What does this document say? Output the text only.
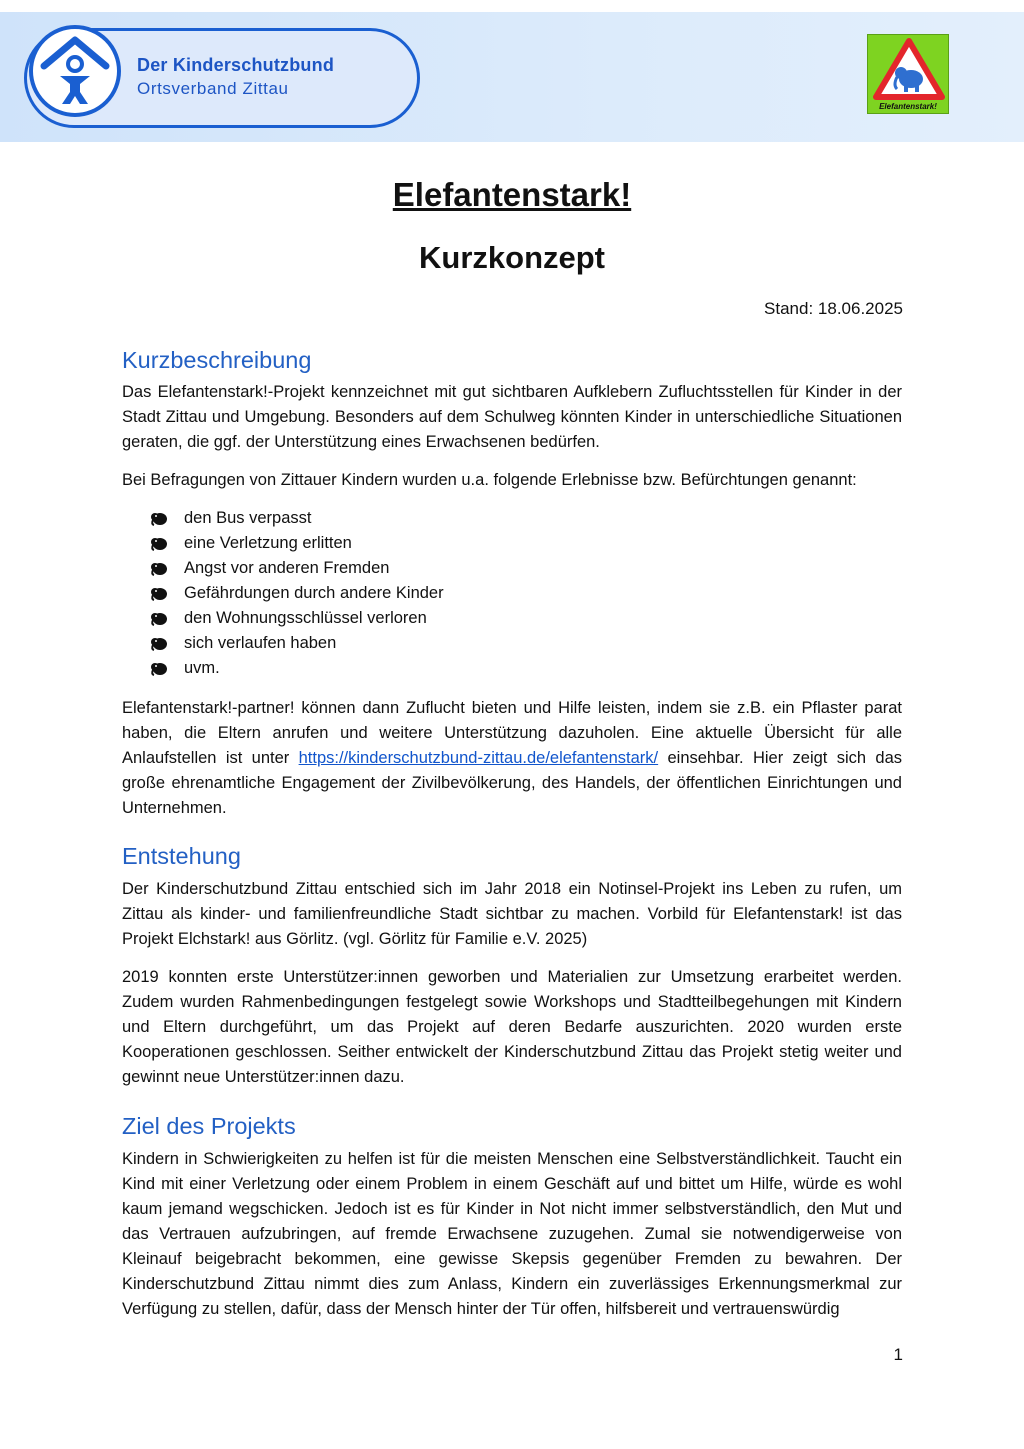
Der Kinderschutzbund
Ortsverband Zittau
Elefantenstark!
Elefantenstark!
Kurzkonzept
Stand: 18.06.2025
Kurzbeschreibung

Das Elefantenstark!-Projekt kennzeichnet mit gut sichtbaren Aufklebern Zufluchtsstellen für Kinder in der Stadt Zittau und Umgebung. Besonders auf dem Schulweg könnten Kinder in unterschiedliche Situationen geraten, die ggf. der Unterstützung eines Erwachsenen bedürfen.

Bei Befragungen von Zittauer Kindern wurden u.a. folgende Erlebnisse bzw. Befürchtungen genannt:

den Bus verpasst
eine Verletzung erlitten
Angst vor anderen Fremden
Gefährdungen durch andere Kinder
den Wohnungsschlüssel verloren
sich verlaufen haben
uvm.

Elefantenstark!-partner! können dann Zuflucht bieten und Hilfe leisten, indem sie z.B. ein Pflaster parat haben, die Eltern anrufen und weitere Unterstützung dazuholen. Eine aktuelle Übersicht für alle Anlaufstellen ist unter https://kinderschutzbund-zittau.de/elefantenstark/ einsehbar. Hier zeigt sich das große ehrenamtliche Engagement der Zivilbevölkerung, des Handels, der öffentlichen Einrichtungen und Unternehmen.

Entstehung

Der Kinderschutzbund Zittau entschied sich im Jahr 2018 ein Notinsel-Projekt ins Leben zu rufen, um Zittau als kinder- und familienfreundliche Stadt sichtbar zu machen. Vorbild für Elefantenstark! ist das Projekt Elchstark! aus Görlitz. (vgl. Görlitz für Familie e.V. 2025)

2019 konnten erste Unterstützer:innen geworben und Materialien zur Umsetzung erarbeitet werden. Zudem wurden Rahmenbedingungen festgelegt sowie Workshops und Stadtteilbegehungen mit Kindern und Eltern durchgeführt, um das Projekt auf deren Bedarfe auszurichten. 2020 wurden erste Kooperationen geschlossen. Seither entwickelt der Kinderschutzbund Zittau das Projekt stetig weiter und gewinnt neue Unterstützer:innen dazu.

Ziel des Projekts

Kindern in Schwierigkeiten zu helfen ist für die meisten Menschen eine Selbstverständlichkeit. Taucht ein Kind mit einer Verletzung oder einem Problem in einem Geschäft auf und bittet um Hilfe, würde es wohl kaum jemand wegschicken. Jedoch ist es für Kinder in Not nicht immer selbstverständlich, den Mut und das Vertrauen aufzubringen, auf fremde Erwachsene zuzugehen. Zumal sie notwendigerweise von Kleinauf beigebracht bekommen, eine gewisse Skepsis gegenüber Fremden zu bewahren. Der Kinderschutzbund Zittau nimmt dies zum Anlass, Kindern ein zuverlässiges Erkennungsmerkmal zur Verfügung zu stellen, dafür, dass der Mensch hinter der Tür offen, hilfsbereit und vertrauenswürdig

1
